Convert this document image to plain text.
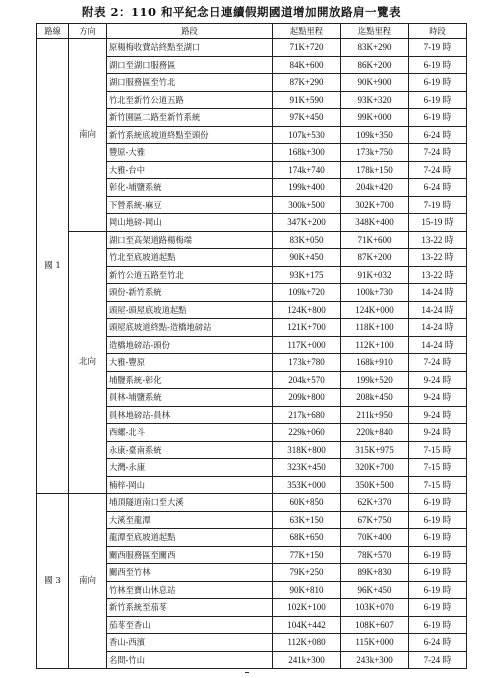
附表 2：110 和平紀念日連續假期國道增加開放路肩一覽表
路線	方向	路段	起點里程	迄點里程	時段
國 1	南向	原楊梅收費站終點至湖口	71K+720	83K+290	7-19 時
		湖口至湖口服務區	84K+600	86K+200	6-19 時
		湖口服務區至竹北	87K+290	90K+900	6-19 時
		竹北至新竹公道五路	91K+590	93K+320	6-19 時
		新竹園區二路至新竹系統	97K+450	99K+000	6-19 時
		新竹系統底坡道終點至頭份	107k+530	109k+350	6-24 時
		豐原-大雅	168k+300	173k+750	7-24 時
		大雅-台中	174k+740	178k+150	7-24 時
		彰化-埔鹽系統	199k+400	204k+420	6-24 時
		下營系統-麻豆	300k+500	302K+700	7-19 時
		岡山地磅-岡山	347K+200	348K+400	15-19 時
	北向	湖口至高架道路楊梅端	83K+050	71K+600	13-22 時
		竹北至底坡道起點	90K+450	87K+200	13-22 時
		新竹公道五路至竹北	93K+175	91K+032	13-22 時
		頭份-新竹系統	109k+720	100k+730	14-24 時
		頭屋-頭屋底坡道起點	124K+800	124K+000	14-24 時
		頭屋底坡道終點-造橋地磅站	121K+700	118K+100	14-24 時
		造橋地磅站-頭份	117K+000	112K+100	14-24 時
		大雅-豐原	173k+780	168k+910	7-24 時
		埔鹽系統-彰化	204k+570	199k+520	9-24 時
		員林-埔鹽系統	209k+800	208k+450	9-24 時
		員林地磅站-員林	217k+680	211k+950	9-24 時
		西螺-北斗	229k+060	220k+840	9-24 時
		永康-臺南系統	318K+800	315K+975	7-15 時
		大灣-永康	323K+450	320K+700	7-15 時
		楠梓-岡山	353K+000	350K+500	7-15 時
國 3	南向	埔頂隧道南口至大溪	60K+850	62K+370	6-19 時
		大溪至龍潭	63K+150	67K+750	6-19 時
		龍潭至底坡道起點	68K+650	70K+400	6-19 時
		關西服務區至關西	77K+150	78K+570	6-19 時
		關西至竹林	79K+250	89K+830	6-19 時
		竹林至寶山休息站	90K+810	96K+450	6-19 時
		新竹系統至茄苳	102K+100	103K+070	6-19 時
		茄苳至香山	104K+442	108K+607	6-19 時
		香山-西濱	112K+080	115K+000	6-24 時
		名間-竹山	241k+300	243k+300	7-24 時
